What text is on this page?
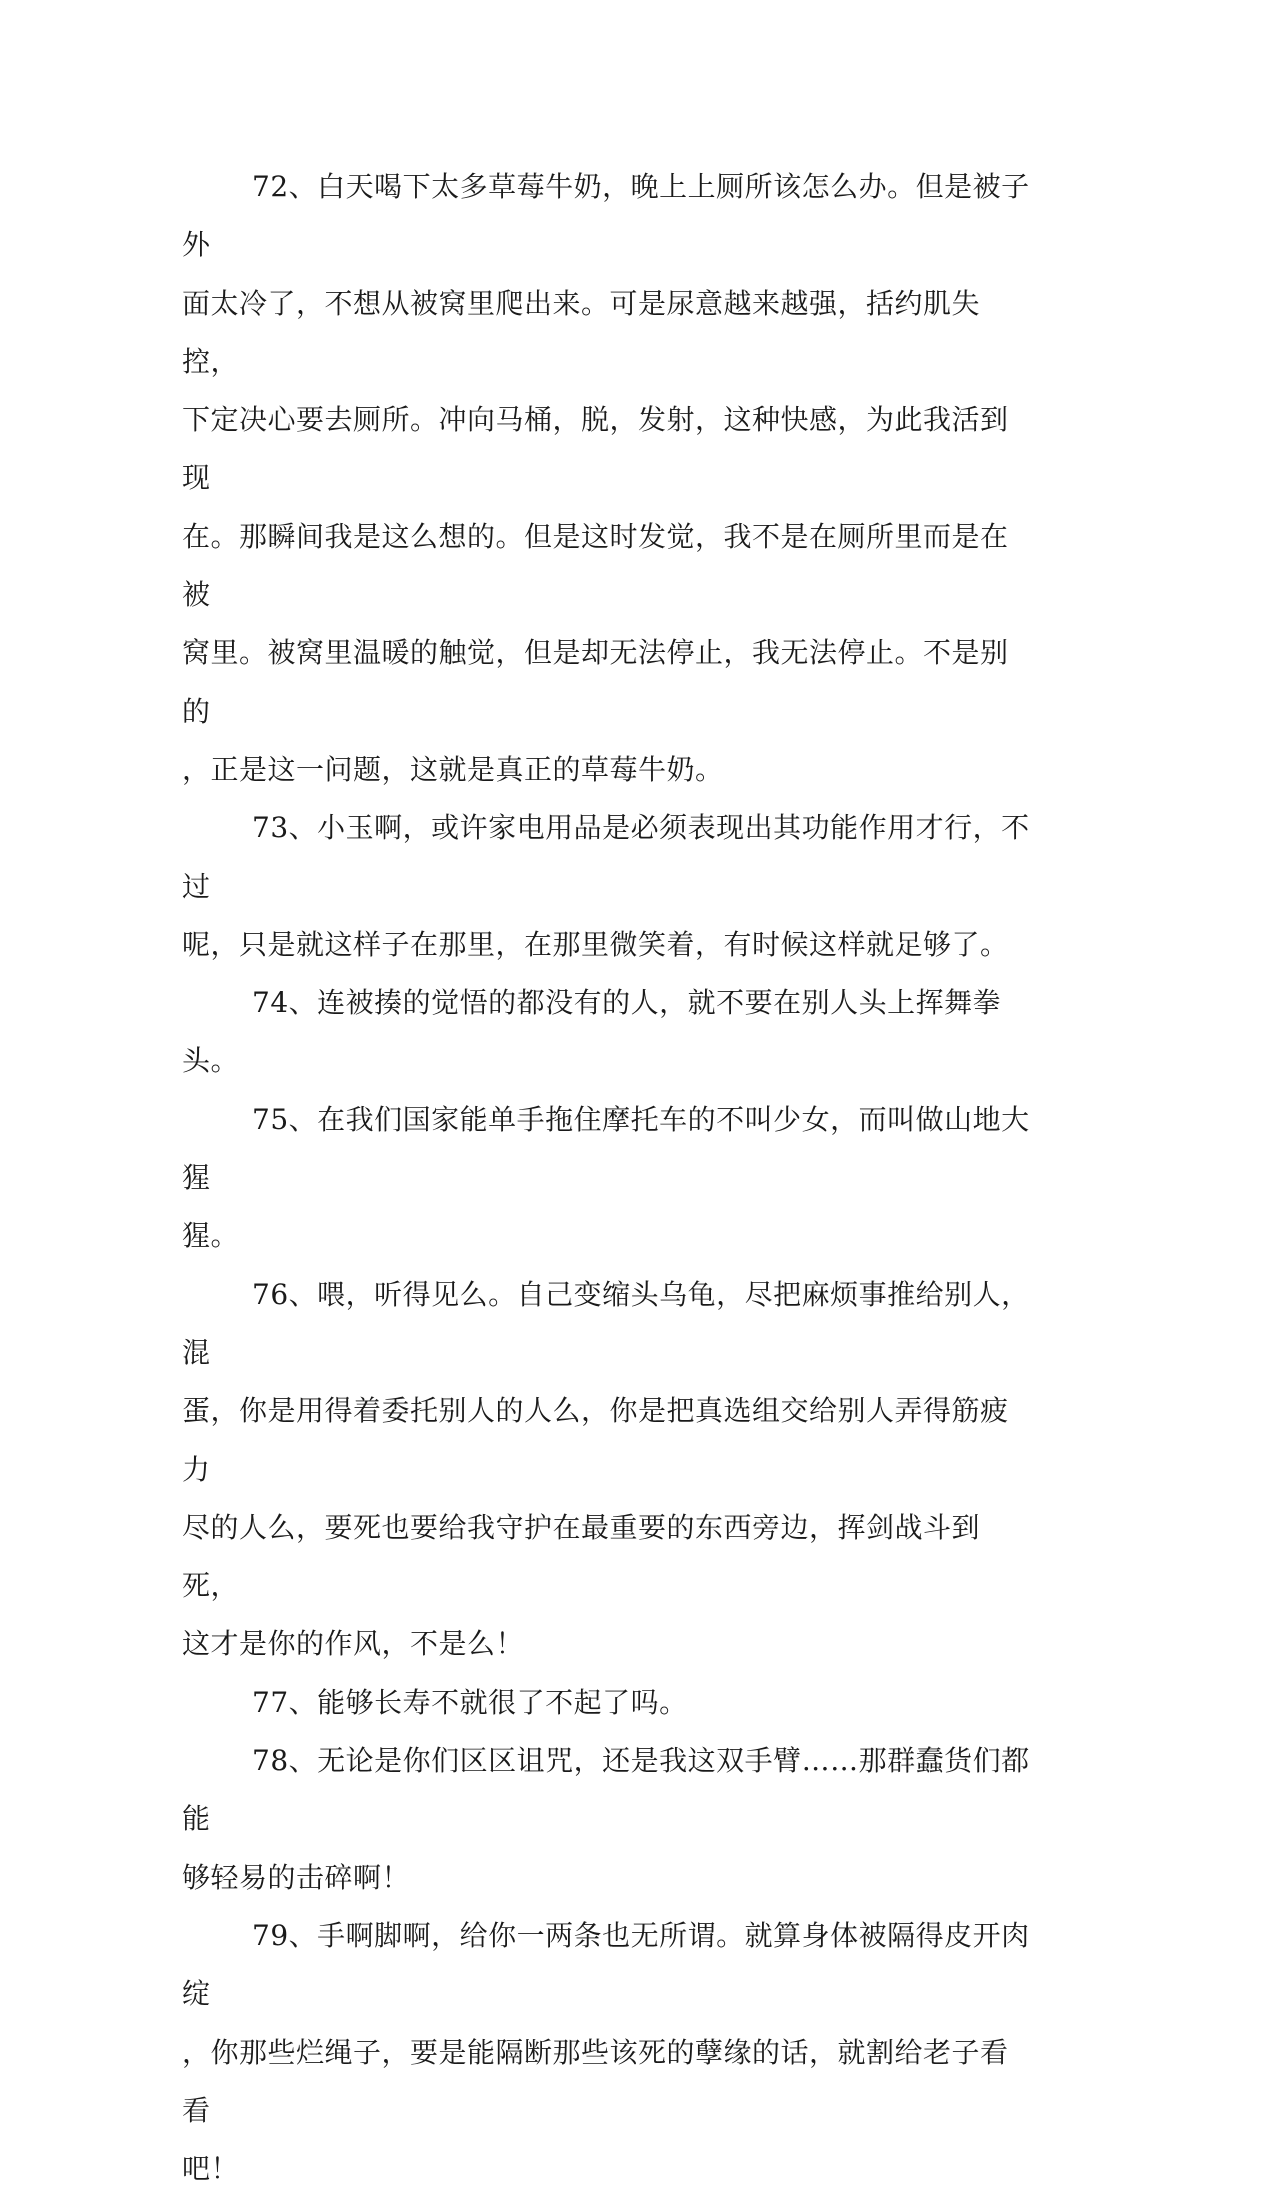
72、白天喝下太多草莓牛奶，晚上上厕所该怎么办。但是被子外
面太冷了，不想从被窝里爬出来。可是尿意越来越强，括约肌失控，
下定决心要去厕所。冲向马桶，脱，发射，这种快感，为此我活到现
在。那瞬间我是这么想的。但是这时发觉，我不是在厕所里而是在被
窝里。被窝里温暖的触觉，但是却无法停止，我无法停止。不是别的
，正是这一问题，这就是真正的草莓牛奶。

73、小玉啊，或许家电用品是必须表现出其功能作用才行，不过
呢，只是就这样子在那里，在那里微笑着，有时候这样就足够了。

74、连被揍的觉悟的都没有的人，就不要在别人头上挥舞拳头。

75、在我们国家能单手拖住摩托车的不叫少女，而叫做山地大猩
猩。

76、喂，听得见么。自己变缩头乌龟，尽把麻烦事推给别人，混
蛋，你是用得着委托别人的人么，你是把真选组交给别人弄得筋疲力
尽的人么，要死也要给我守护在最重要的东西旁边，挥剑战斗到死，
这才是你的作风，不是么！

77、能够长寿不就很了不起了吗。

78、无论是你们区区诅咒，还是我这双手臂……那群蠢货们都能
够轻易的击碎啊！

79、手啊脚啊，给你一两条也无所谓。就算身体被隔得皮开肉绽
，你那些烂绳子，要是能隔断那些该死的孽缘的话，就割给老子看看
吧！
